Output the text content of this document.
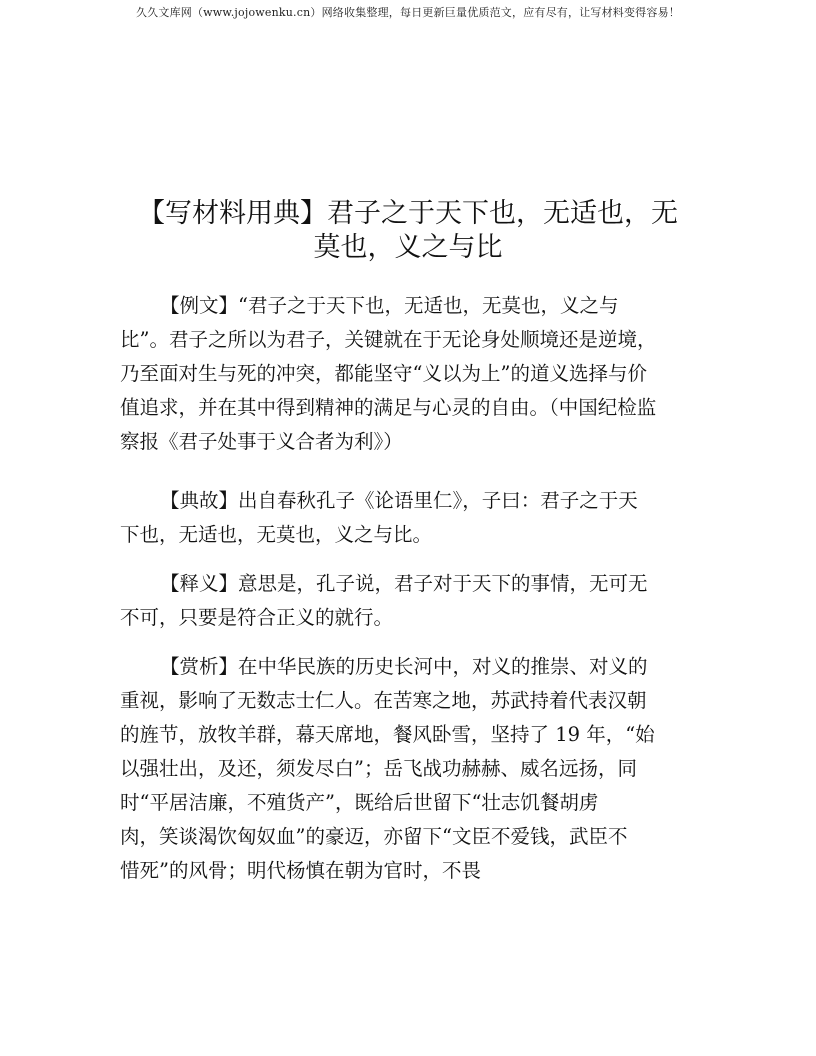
久久文库网（www.jojowenku.cn）网络收集整理，每日更新巨量优质范文，应有尽有，让写材料变得容易！
【写材料用典】君子之于天下也，无适也，无
莫也，义之与比
【例文】“君子之于天下也，无适也，无莫也，义之与
比”。君子之所以为君子，关键就在于无论身处顺境还是逆境，
乃至面对生与死的冲突，都能坚守“义以为上”的道义选择与价
值追求，并在其中得到精神的满足与心灵的自由。（中国纪检监
察报《君子处事于义合者为利》）
【典故】出自春秋孔子《论语里仁》，子曰：君子之于天
下也，无适也，无莫也，义之与比。
【释义】意思是，孔子说，君子对于天下的事情，无可无
不可，只要是符合正义的就行。
【赏析】在中华民族的历史长河中，对义的推崇、对义的
重视，影响了无数志士仁人。在苦寒之地，苏武持着代表汉朝
的旌节，放牧羊群，幕天席地，餐风卧雪，坚持了 19 年，“始
以强壮出，及还，须发尽白”；岳飞战功赫赫、威名远扬，同
时“平居洁廉，不殖货产”，既给后世留下“壮志饥餐胡虏
肉，笑谈渴饮匈奴血”的豪迈，亦留下“文臣不爱钱，武臣不
惜死”的风骨；明代杨慎在朝为官时，不畏
